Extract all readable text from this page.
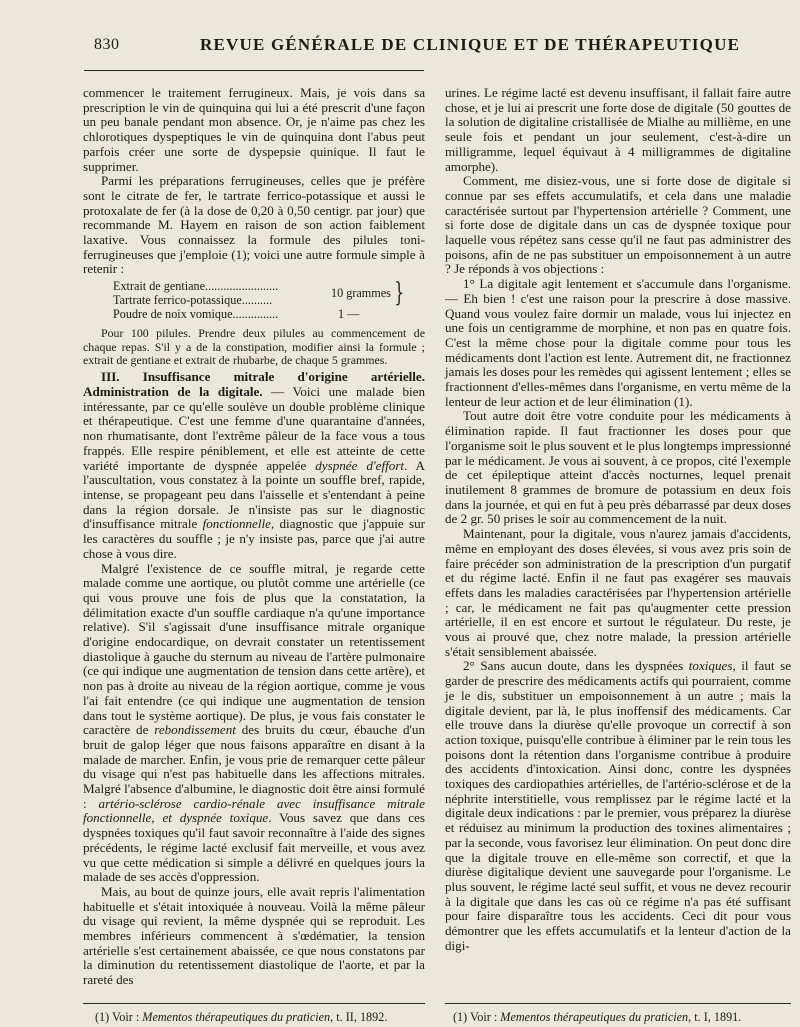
830	REVUE GÉNÉRALE DE CLINIQUE ET DE THÉRAPEUTIQUE

commencer le traitement ferrugineux. Mais, je vois dans sa prescription le vin de quinquina qui lui a été prescrit d'une façon un peu banale pendant mon absence. Or, je n'aime pas chez les chlorotiques dyspeptiques le vin de quinquina dont l'abus peut parfois créer une sorte de dyspepsie quinique. Il faut le supprimer.

Parmi les préparations ferrugineuses, celles que je préfère sont le citrate de fer, le tartrate ferrico-potassique et aussi le protoxalate de fer (à la dose de 0,20 à 0,50 centigr. par jour) que recommande M. Hayem en raison de son action faiblement laxative. Vous connaissez la formule des pilules toni-ferrugineuses que j'emploie (1); voici une autre formule simple à retenir :

Extrait de gentiane........................
Tartrate ferrico-potassique..........
Poudre de noix vomique...............
}
10 grammes
1 —

Pour 100 pilules. Prendre deux pilules au commencement de chaque repas. S'il y a de la constipation, modifier ainsi la formule ; extrait de gentiane et extrait de rhubarbe, de chaque 5 grammes.

III. Insuffisance mitrale d'origine artérielle. Administration de la digitale. — Voici une malade bien intéressante, par ce qu'elle soulève un double problème clinique et thérapeutique. C'est une femme d'une quarantaine d'années, non rhumatisante, dont l'extrême pâleur de la face vous a tous frappés. Elle respire péniblement, et elle est atteinte de cette variété importante de dyspnée appelée dyspnée d'effort. A l'auscultation, vous constatez à la pointe un souffle bref, rapide, intense, se propageant peu dans l'aisselle et s'entendant à peine dans la région dorsale. Je n'insiste pas sur le diagnostic d'insuffisance mitrale fonctionnelle, diagnostic que j'appuie sur les caractères du souffle ; je n'y insiste pas, parce que j'ai autre chose à vous dire.

Malgré l'existence de ce souffle mitral, je regarde cette malade comme une aortique, ou plutôt comme une artérielle (ce qui vous prouve une fois de plus que la constatation, la délimitation exacte d'un souffle cardiaque n'a qu'une importance relative). S'il s'agissait d'une insuffisance mitrale organique d'origine endocardique, on devrait constater un retentissement diastolique à gauche du sternum au niveau de l'artère pulmonaire (ce qui indique une augmentation de tension dans cette artère), et non pas à droite au niveau de la région aortique, comme je vous l'ai fait entendre (ce qui indique une augmentation de tension dans tout le système aortique). De plus, je vous fais constater le caractère de rebondissement des bruits du cœur, ébauche d'un bruit de galop léger que nous faisons apparaître en disant à la malade de marcher. Enfin, je vous prie de remarquer cette pâleur du visage qui n'est pas habituelle dans les affections mitrales. Malgré l'absence d'albumine, le diagnostic doit être ainsi formulé : artério-sclérose cardio-rénale avec insuffisance mitrale fonctionnelle, et dyspnée toxique. Vous savez que dans ces dyspnées toxiques qu'il faut savoir reconnaître à l'aide des signes précédents, le régime lacté exclusif fait merveille, et vous avez vu que cette médication si simple a délivré en quelques jours la malade de ses accès d'oppression.

Mais, au bout de quinze jours, elle avait repris l'alimentation habituelle et s'était intoxiquée à nouveau. Voilà la même pâleur du visage qui revient, la même dyspnée qui se reproduit. Les membres inférieurs commencent à s'œdématier, la tension artérielle s'est certainement abaissée, ce que nous constatons par la diminution du retentissement diastolique de l'aorte, et par la rareté des

urines. Le régime lacté est devenu insuffisant, il fallait faire autre chose, et je lui ai prescrit une forte dose de digitale (50 gouttes de la solution de digitaline cristallisée de Mialhe au millième, en une seule fois et pendant un jour seulement, c'est-à-dire un milligramme, lequel équivaut à 4 milligrammes de digitaline amorphe).

Comment, me disiez-vous, une si forte dose de digitale si connue par ses effets accumulatifs, et cela dans une maladie caractérisée surtout par l'hypertension artérielle ? Comment, une si forte dose de digitale dans un cas de dyspnée toxique pour laquelle vous répétez sans cesse qu'il ne faut pas administrer des poisons, afin de ne pas substituer un empoisonnement à un autre ? Je réponds à vos objections :

1° La digitale agit lentement et s'accumule dans l'organisme. — Eh bien ! c'est une raison pour la prescrire à dose massive. Quand vous voulez faire dormir un malade, vous lui injectez en une fois un centigramme de morphine, et non pas en quatre fois. C'est la même chose pour la digitale comme pour tous les médicaments dont l'action est lente. Autrement dit, ne fractionnez jamais les doses pour les remèdes qui agissent lentement ; elles se fractionnent d'elles-mêmes dans l'organisme, en vertu même de la lenteur de leur action et de leur élimination (1).

Tout autre doit être votre conduite pour les médicaments à élimination rapide. Il faut fractionner les doses pour que l'organisme soit le plus souvent et le plus longtemps impressionné par le médicament. Je vous ai souvent, à ce propos, cité l'exemple de cet épileptique atteint d'accès nocturnes, lequel prenait inutilement 8 grammes de bromure de potassium en deux fois dans la journée, et qui en fut à peu près débarrassé par deux doses de 2 gr. 50 prises le soir au commencement de la nuit.

Maintenant, pour la digitale, vous n'aurez jamais d'accidents, même en employant des doses élevées, si vous avez pris soin de faire précéder son administration de la prescription d'un purgatif et du régime lacté. Enfin il ne faut pas exagérer ses mauvais effets dans les maladies caractérisées par l'hypertension artérielle ; car, le médicament ne fait pas qu'augmenter cette pression artérielle, il en est encore et surtout le régulateur. Du reste, je vous ai prouvé que, chez notre malade, la pression artérielle s'était sensiblement abaissée.

2° Sans aucun doute, dans les dyspnées toxiques, il faut se garder de prescrire des médicaments actifs qui pourraient, comme je le dis, substituer un empoisonnement à un autre ; mais la digitale devient, par là, le plus inoffensif des médicaments. Car elle trouve dans la diurèse qu'elle provoque un correctif à son action toxique, puisqu'elle contribue à éliminer par le rein tous les poisons dont la rétention dans l'organisme contribue à produire des accidents d'intoxication. Ainsi donc, contre les dyspnées toxiques des cardiopathies artérielles, de l'artério-sclérose et de la néphrite interstitielle, vous remplissez par le régime lacté et la digitale deux indications : par le premier, vous préparez la diurèse et réduisez au minimum la production des toxines alimentaires ; par la seconde, vous favorisez leur élimination. On peut donc dire que la digitale trouve en elle-même son correctif, et que la diurèse digitalique devient une sauvegarde pour l'organisme. Le plus souvent, le régime lacté seul suffit, et vous ne devez recourir à la digitale que dans les cas où ce régime n'a pas été suffisant pour faire disparaître tous les accidents. Ceci dit pour vous démontrer que les effets accumulatifs et la lenteur d'action de la digi-

(1) Voir : Mementos thérapeutiques du praticien, t. II, 1892.	(1) Voir : Mementos thérapeutiques du praticien, t. I, 1891.
